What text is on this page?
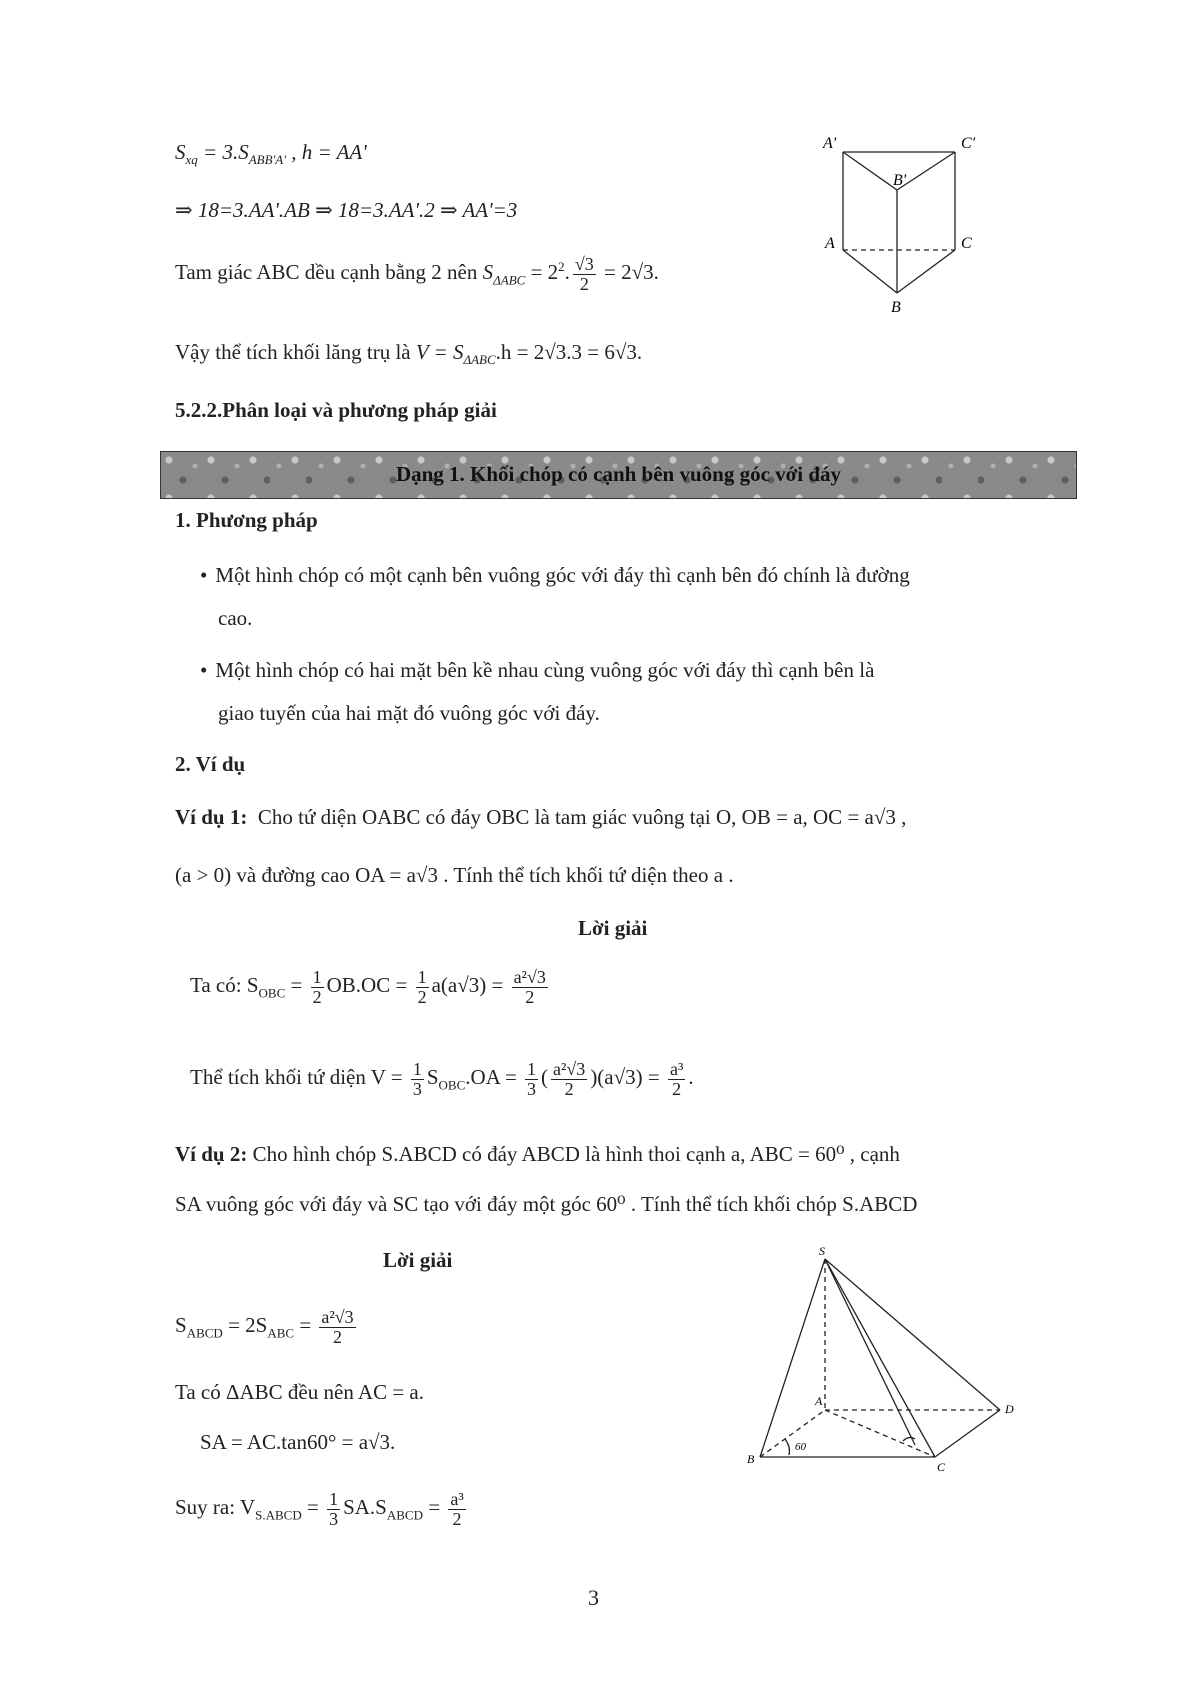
$S_{xq} = 3.S_{ABB'A'}$ , h = AA'
⇒ 18=3.AA'.AB ⇒ 18=3.AA'.2 ⇒ AA'=3
Tam giác ABC dều cạnh bằng 2 nên $S_{\Delta ABC} = 2^2$. $\frac{√3}{2} = 2√3$.
Vậy thể tích khối lăng trụ là $V = S_{\Delta ABC}.h = 2√3.3 = 6√3$.
A'	C'
B'
A	C
B
5.2.2.Phân loại và phương pháp giải
Dạng 1. Khối chóp có cạnh bên vuông góc với đáy
1. Phương pháp
• Một hình chóp có một cạnh bên vuông góc với đáy thì cạnh bên đó chính là đường
cao.
• Một hình chóp có hai mặt bên kề nhau cùng vuông góc với đáy thì cạnh bên là
giao tuyến của hai mặt đó vuông góc với đáy.
2. Ví dụ
Ví dụ 1: Cho tứ diện OABC có đáy OBC là tam giác vuông tại O, OB = a, OC = a√3 ,
(a > 0) và đường cao OA = a√3 . Tính thể tích khối tứ diện theo a .
Lời giải
Ta có: $S_{OBC} = \frac{1}{2} OB.OC = \frac{1}{2} a(a√3) = \frac{\text{a²√3}}{2}$
Thể tích khối tứ diện $V = \frac{1}{3} S_{OBC}.OA = \frac{1}{3}$ ( $\frac{\text{a²√3}}{2} )(a√3) = \frac{\text{a³}}{2}$ .
Ví dụ 2: Cho hình chóp S.ABCD có đáy ABCD là hình thoi cạnh a, ABC = 60⁰ , cạnh
SA vuông góc với đáy và SC tạo với đáy một góc 60⁰ . Tính thể tích khối chóp S.ABCD
Lời giải
$S_{ABCD} = 2S_{ABC} = \frac{\text{a²√3}}{2}$
Ta có ΔABC đều nên AC = a.
SA = AC.tan60° = a√3.
Suy ra: $V_{S.ABCD} = \frac{1}{3} SA.S_{ABCD} = \frac{\text{a³}}{2}$
S
B
C
D
A
60
3
